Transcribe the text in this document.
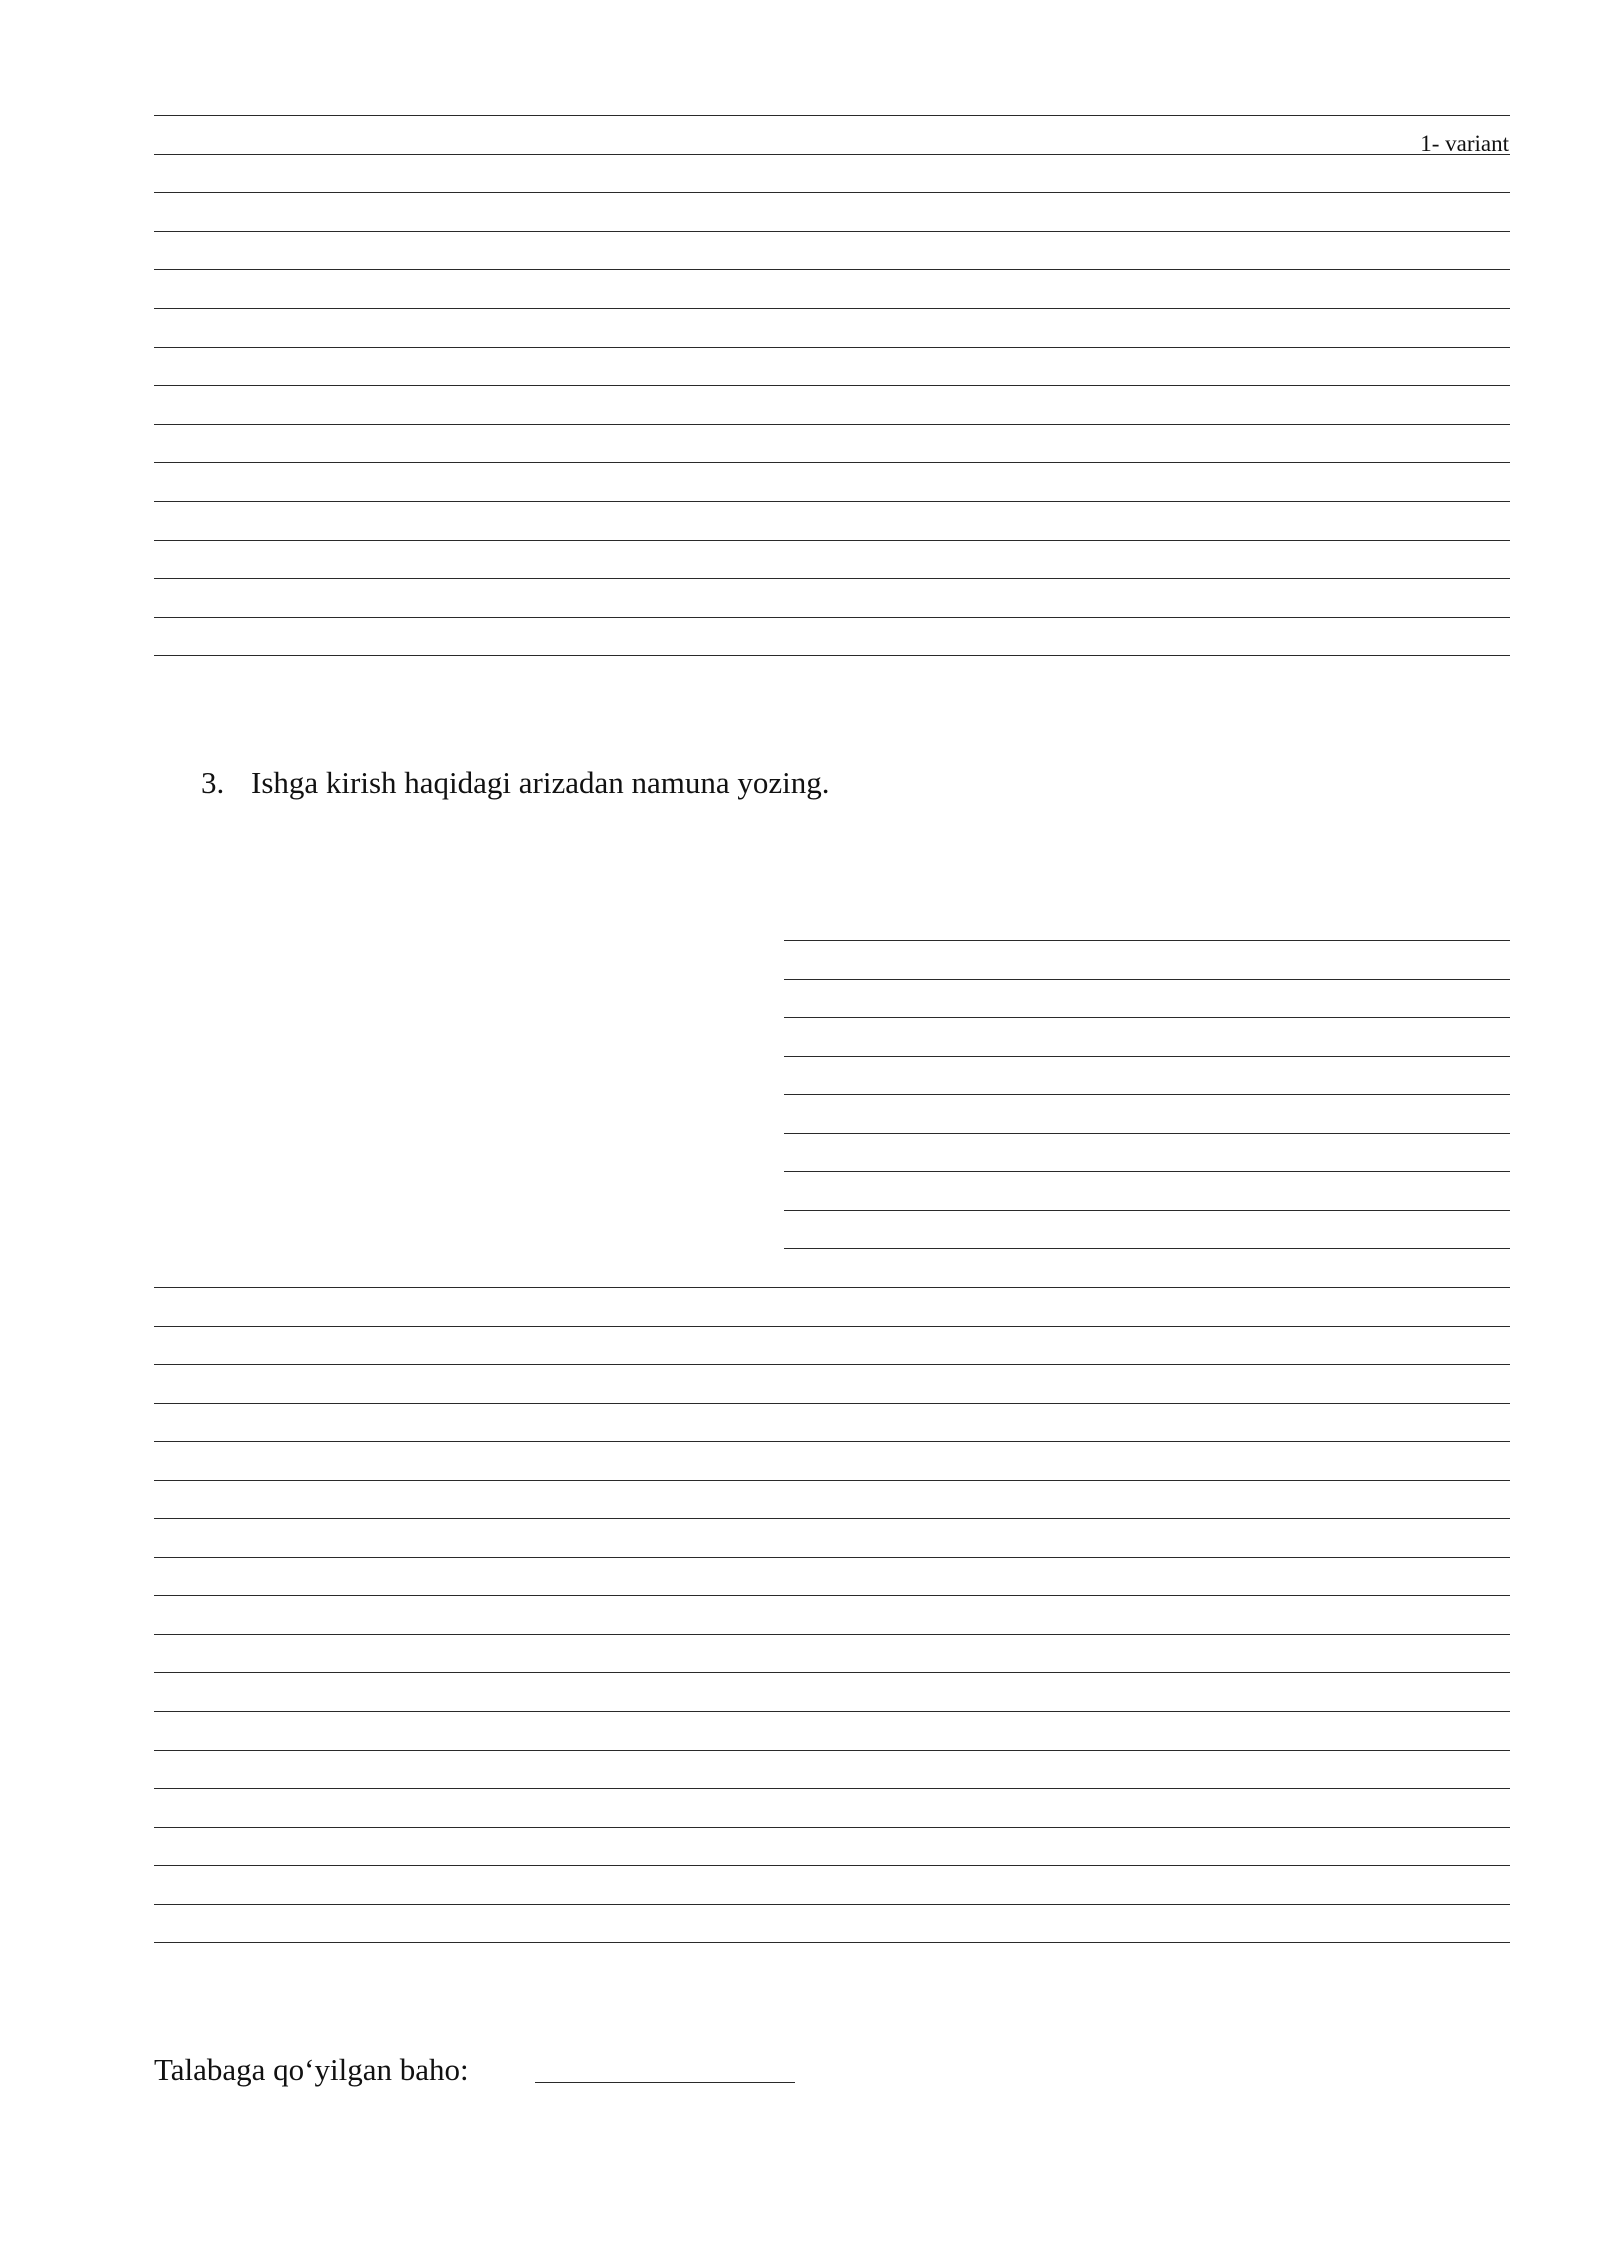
1- variant
3. Ishga kirish haqidagi arizadan namuna yozing.
Talabaga qo‘yilgan baho:
